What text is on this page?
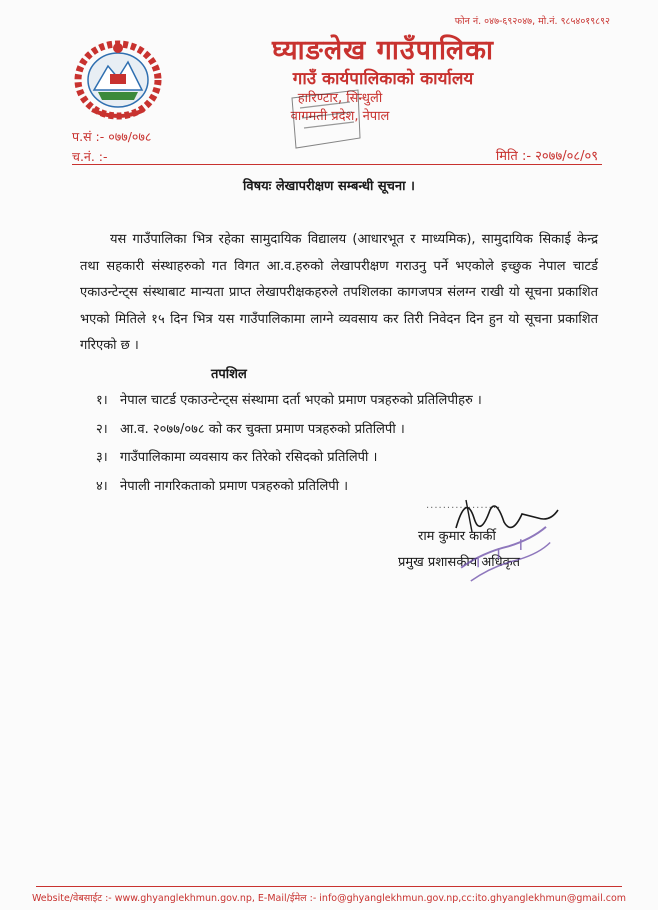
फोन नं. ०४७-६९२०४७, मो.नं. ९८५४०१९८९२
घ्याङलेख गाउँपालिका
गाउँ कार्यपालिकाको कार्यालय
हारिण्टार, सिन्धुली
वागमती प्रदेश, नेपाल
प.सं :- ०७७/०७८
च.नं. :-	मिति :- २०७७/०८/०९
विषयः लेखापरीक्षण सम्बन्धी सूचना ।
यस गाउँपालिका भित्र रहेका सामुदायिक विद्यालय (आधारभूत र माध्यमिक), सामुदायिक सिकाई केन्द्र तथा सहकारी संस्थाहरुको गत विगत आ.व.हरुको लेखापरीक्षण गराउनु पर्ने भएकोले इच्छुक नेपाल चाटर्ड एकाउन्टेन्ट्स संस्थाबाट मान्यता प्राप्त लेखापरीक्षकहरुले तपशिलका कागजपत्र संलग्न राखी यो सूचना प्रकाशित भएको मितिले १५ दिन भित्र यस गाउँपालिकामा लाग्ने व्यवसाय कर तिरी निवेदन दिन हुन यो सूचना प्रकाशित गरिएको छ ।
तपशिल
१। नेपाल चाटर्ड एकाउन्टेन्ट्स संस्थामा दर्ता भएको प्रमाण पत्रहरुको प्रतिलिपीहरु ।
२। आ.व. २०७७/०७८ को कर चुक्ता प्रमाण पत्रहरुको प्रतिलिपी ।
३। गाउँपालिकामा व्यवसाय कर तिरेको रसिदको प्रतिलिपी ।
४। नेपाली नागरिकताको प्रमाण पत्रहरुको प्रतिलिपी ।
..................
राम कुमार कार्की
प्रमुख प्रशासकीय अधिकृत
Website/वेबसाईट :- www.ghyanglekhmun.gov.np, E-Mail/ईमेल :- info@ghyanglekhmun.gov.np,cc:ito.ghyanglekhmun@gmail.com
